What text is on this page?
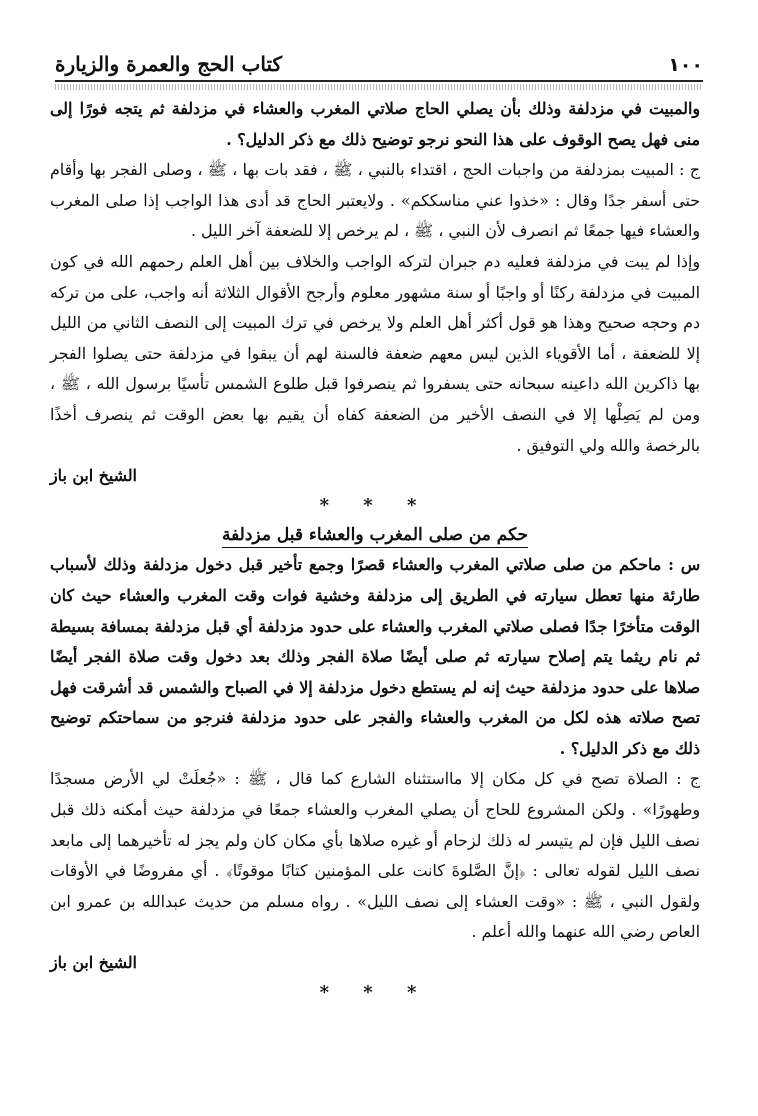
١٠٠
كتاب الحج والعمرة والزيارة

والمبيت في مزدلفة وذلك بأن يصلي الحاج صلاتي المغرب والعشاء في مزدلفة ثم يتجه فورًا إلى منى فهل يصح الوقوف على هذا النحو نرجو توضيح ذلك مع ذكر الدليل؟ .

ج : المبيت بمزدلفة من واجبات الحج ، اقتداء بالنبي ، ﷺ ، فقد بات بها ، ﷺ ، وصلى الفجر بها وأقام حتى أسفر جدًا وقال : «خذوا عني مناسككم» . ولايعتبر الحاج قد أدى هذا الواجب إذا صلى المغرب والعشاء فيها جمعًا ثم انصرف لأن النبي ، ﷺ ، لم يرخص إلا للضعفة آخر الليل .

وإذا لم يبت في مزدلفة فعليه دم جبران لتركه الواجب والخلاف بين أهل العلم رحمهم الله في كون المبيت في مزدلفة ركنًا أو واجبًا أو سنة مشهور معلوم وأرجح الأقوال الثلاثة أنه واجب، على من تركه دم وحجه صحيح وهذا هو قول أكثر أهل العلم ولا يرخص في ترك المبيت إلى النصف الثاني من الليل إلا للضعفة ، أما الأقوياء الذين ليس معهم ضعفة فالسنة لهم أن يبقوا في مزدلفة حتى يصلوا الفجر بها ذاكرين الله داعينه سبحانه حتى يسفروا ثم ينصرفوا قبل طلوع الشمس تأسيًا برسول الله ، ﷺ ، ومن لم يَصِلْها إلا في النصف الأخير من الضعفة كفاه أن يقيم بها بعض الوقت ثم ينصرف أخذًا بالرخصة والله ولي التوفيق .

الشيخ ابن باز

* * *

حكم من صلى المغرب والعشاء قبل مزدلفة

س : ماحكم من صلى صلاتي المغرب والعشاء قصرًا وجمع تأخير قبل دخول مزدلفة وذلك لأسباب طارئة منها تعطل سيارته في الطريق إلى مزدلفة وخشية فوات وقت المغرب والعشاء حيث كان الوقت متأخرًا جدًا فصلى صلاتي المغرب والعشاء على حدود مزدلفة أي قبل مزدلفة بمسافة بسيطة ثم نام ريثما يتم إصلاح سيارته ثم صلى أيضًا صلاة الفجر وذلك بعد دخول وقت صلاة الفجر أيضًا صلاها على حدود مزدلفة حيث إنه لم يستطع دخول مزدلفة إلا في الصباح والشمس قد أشرقت فهل تصح صلاته هذه لكل من المغرب والعشاء والفجر على حدود مزدلفة فنرجو من سماحتكم توضيح ذلك مع ذكر الدليل؟ .

ج : الصلاة تصح في كل مكان إلا مااستثناه الشارع كما قال ، ﷺ : «جُعلَتْ لي الأرض مسجدًا وطهورًا» . ولكن المشروع للحاج أن يصلي المغرب والعشاء جمعًا في مزدلفة حيث أمكنه ذلك قبل نصف الليل فإن لم يتيسر له ذلك لزحام أو غيره صلاها بأي مكان كان ولم يجز له تأخيرهما إلى مابعد نصف الليل لقوله تعالى : ﴿إنَّ الصَّلوةَ كانت على المؤمنين كتابًا موقوتًا﴾ . أي مفروضًا في الأوقات ولقول النبي ، ﷺ : «وقت العشاء إلى نصف الليل» . رواه مسلم من حديث عبدالله بن عمرو ابن العاص رضي الله عنهما والله أعلم .

الشيخ ابن باز

* * *
